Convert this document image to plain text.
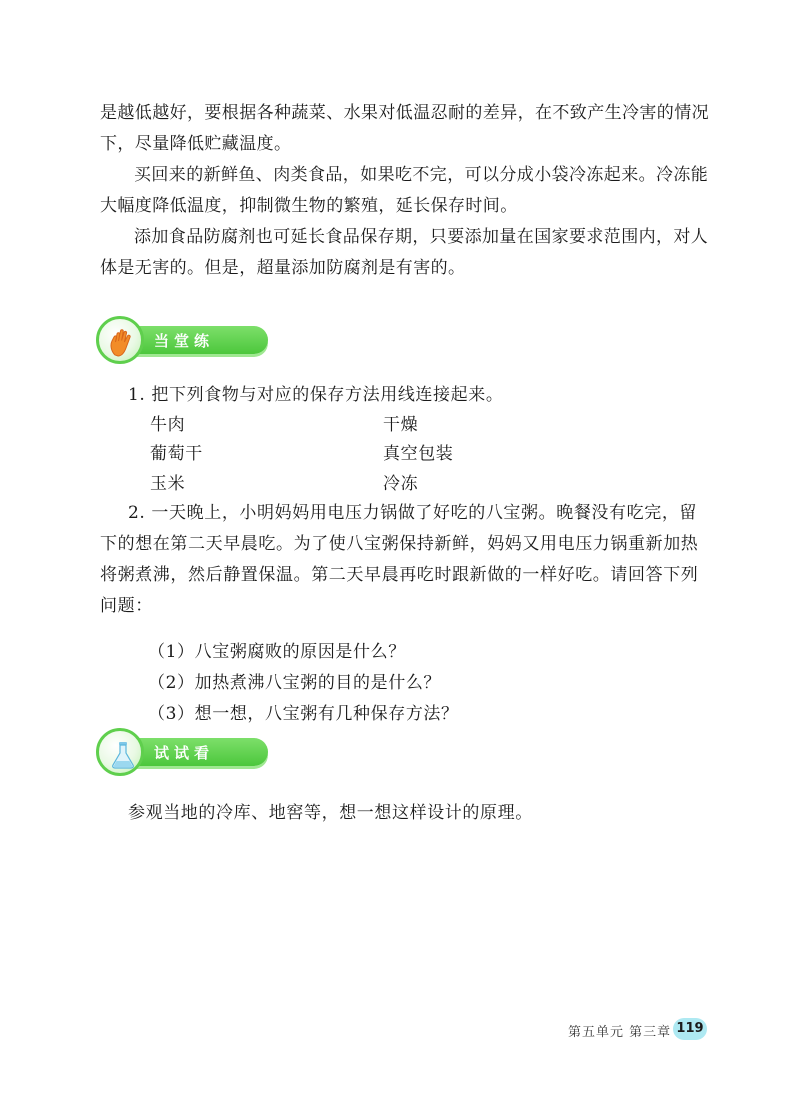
是越低越好，要根据各种蔬菜、水果对低温忍耐的差异，在不致产生冷害的情况下，尽量降低贮藏温度。

买回来的新鲜鱼、肉类食品，如果吃不完，可以分成小袋冷冻起来。冷冻能大幅度降低温度，抑制微生物的繁殖，延长保存时间。

添加食品防腐剂也可延长食品保存期，只要添加量在国家要求范围内，对人体是无害的。但是，超量添加防腐剂是有害的。

当堂练

1. 把下列食物与对应的保存方法用线连接起来。

牛肉	干燥

葡萄干	真空包装

玉米	冷冻

2. 一天晚上，小明妈妈用电压力锅做了好吃的八宝粥。晚餐没有吃完，留下的想在第二天早晨吃。为了使八宝粥保持新鲜，妈妈又用电压力锅重新加热将粥煮沸，然后静置保温。第二天早晨再吃时跟新做的一样好吃。请回答下列问题：

（1）八宝粥腐败的原因是什么？

（2）加热煮沸八宝粥的目的是什么？

（3）想一想，八宝粥有几种保存方法？

试试看

参观当地的冷库、地窖等，想一想这样设计的原理。

第五单元 第三章 119
